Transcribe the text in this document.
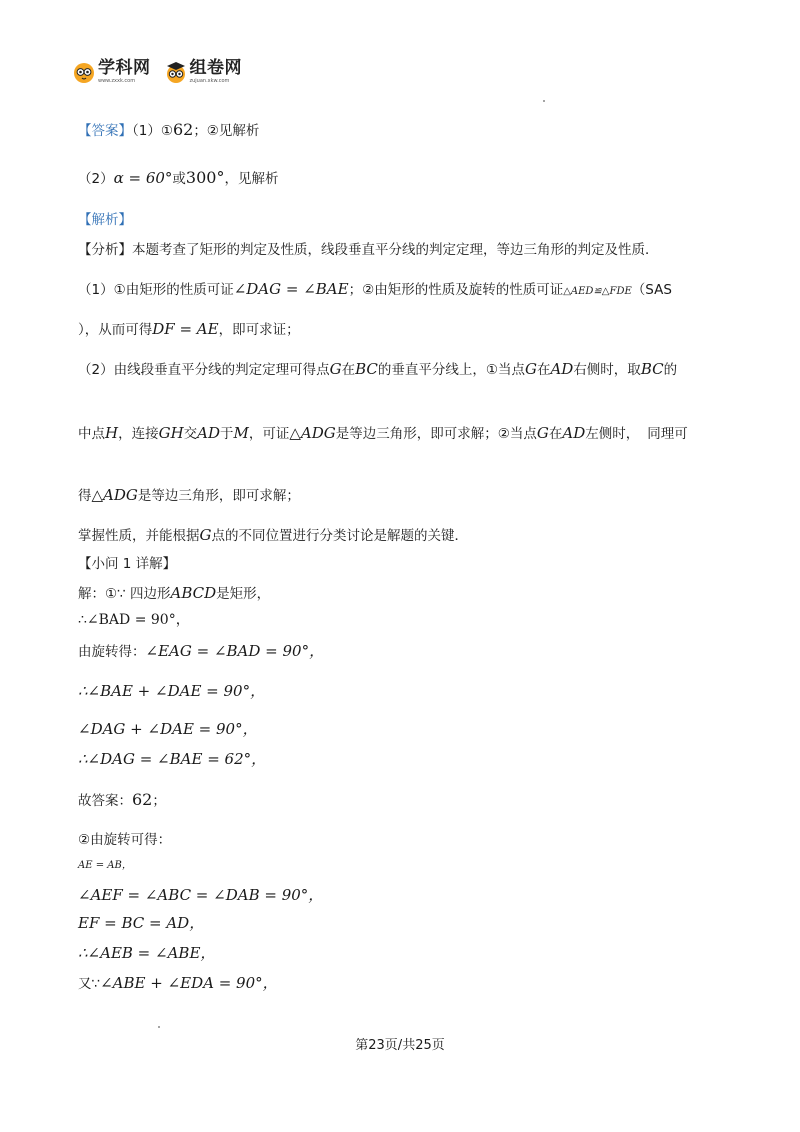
学科网
www.zxxk.com
组卷网
zujuan.xkw.com
【答案】（1）①62；②见解析
（2）α = 60°或300°，见解析
【解析】
【分析】本题考查了矩形的判定及性质，线段垂直平分线的判定定理，等边三角形的判定及性质．
（1）①由矩形的性质可证∠DAG = ∠BAE；②由矩形的性质及旋转的性质可证△AED≌△FDE（SAS
），从而可得DF = AE，即可求证；
（2）由线段垂直平分线的判定定理可得点G在BC的垂直平分线上，①当点G在AD右侧时，取BC的
中点H，连接GH交AD于M，可证△ADG是等边三角形，即可求解；②当点G在AD左侧时， 同理可
得△ADG是等边三角形，即可求解；
掌握性质，并能根据G点的不同位置进行分类讨论是解题的关键．
【小问 1 详解】
解：①∵ 四边形ABCD是矩形，
∴∠BAD = 90°，
由旋转得：∠EAG = ∠BAD = 90°，
∴∠BAE + ∠DAE = 90°，
∠DAG + ∠DAE = 90°，
∴∠DAG = ∠BAE = 62°，
故答案：62；
②由旋转可得：
AE = AB，
∠AEF = ∠ABC = ∠DAB = 90°，
EF = BC = AD，
∴∠AEB = ∠ABE，
又∵∠ABE + ∠EDA = 90°，
第23页/共25页
